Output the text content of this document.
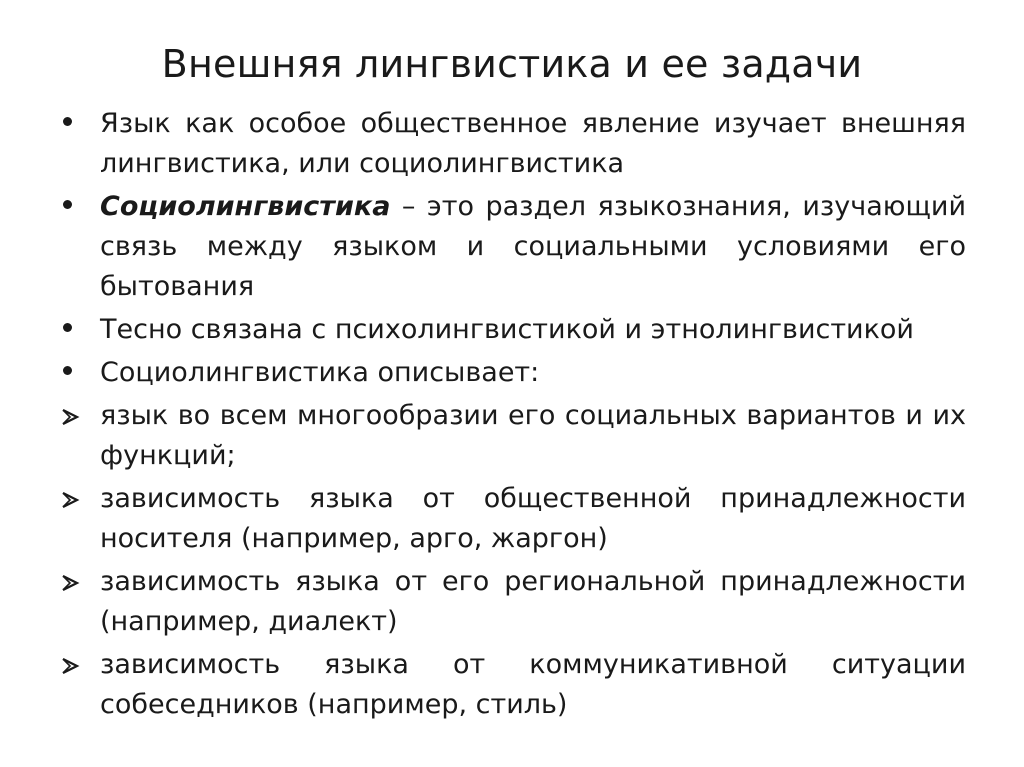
Внешняя лингвистика и ее задачи
Язык как особое общественное явление изучает внешняя лингвистика, или социолингвистика
Социолингвистика – это раздел языкознания, изучающий связь между языком и социальными условиями его бытования
Тесно связана с психолингвистикой и этнолингвистикой
Социолингвистика описывает:
язык во всем многообразии его социальных вариантов и их функций;
зависимость языка от общественной принадлежности носителя (например, арго, жаргон)
зависимость языка от его региональной принадлежности (например, диалект)
зависимость языка от коммуникативной ситуации собеседников (например, стиль)
